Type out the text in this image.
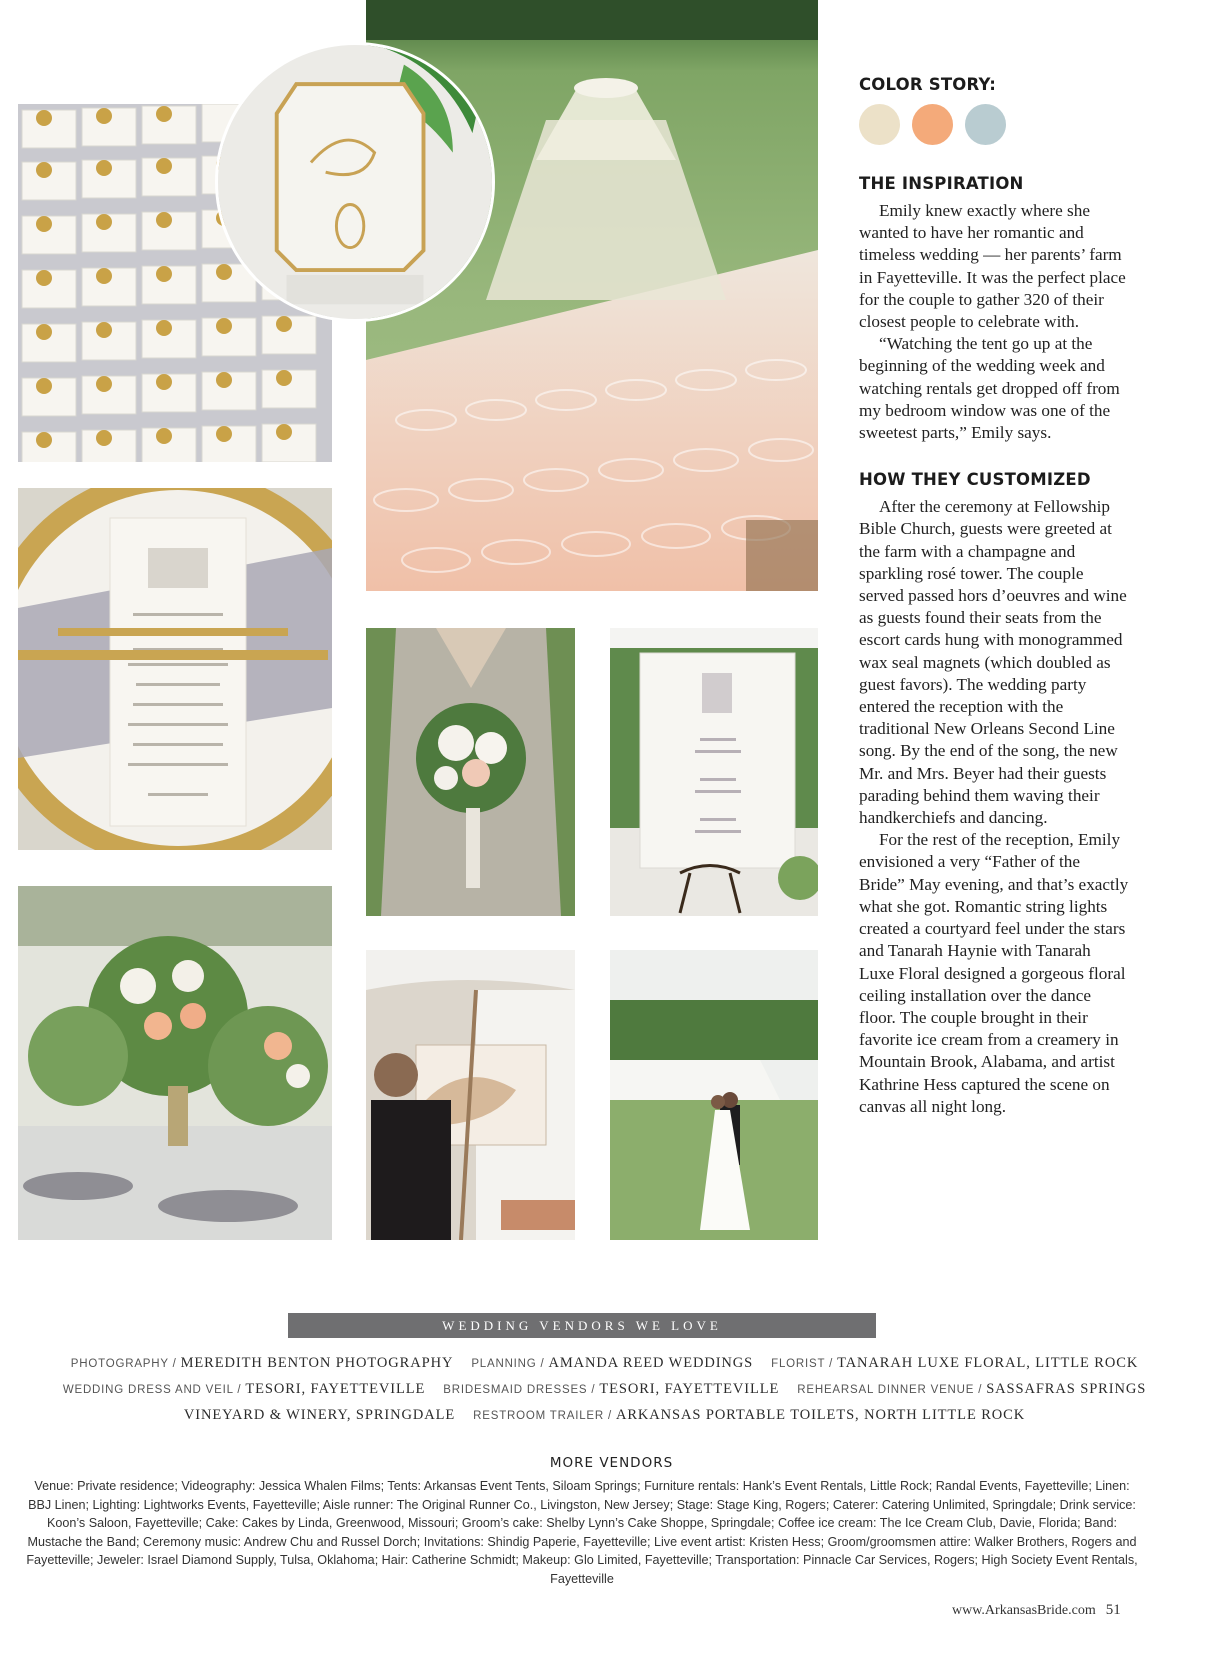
COLOR STORY:
THE INSPIRATION

Emily knew exactly where she wanted to have her romantic and timeless wedding — her parents’ farm in Fayetteville. It was the perfect place for the couple to gather 320 of their closest people to celebrate with.

“Watching the tent go up at the beginning of the wedding week and watching rentals get dropped off from my bedroom window was one of the sweetest parts,” Emily says.

HOW THEY CUSTOMIZED

After the ceremony at Fellowship Bible Church, guests were greeted at the farm with a champagne and sparkling rosé tower. The couple served passed hors d’oeuvres and wine as guests found their seats from the escort cards hung with monogrammed wax seal magnets (which doubled as guest favors). The wedding party entered the reception with the traditional New Orleans Second Line song. By the end of the song, the new Mr. and Mrs. Beyer had their guests parading behind them waving their handkerchiefs and dancing.

For the rest of the reception, Emily envisioned a very “Father of the Bride” May evening, and that’s exactly what she got. Romantic string lights created a courtyard feel under the stars and Tanarah Haynie with Tanarah Luxe Floral designed a gorgeous floral ceiling installation over the dance floor. The couple brought in their favorite ice cream from a creamery in Mountain Brook, Alabama, and artist Kathrine Hess captured the scene on canvas all night long.

WEDDING VENDORS WE LOVE
PHOTOGRAPHY / MEREDITH BENTON PHOTOGRAPHY PLANNING / AMANDA REED WEDDINGS FLORIST / TANARAH LUXE FLORAL, LITTLE ROCK
WEDDING DRESS AND VEIL / TESORI, FAYETTEVILLE BRIDESMAID DRESSES / TESORI, FAYETTEVILLE REHEARSAL DINNER VENUE / SASSAFRAS SPRINGS
VINEYARD & WINERY, SPRINGDALE RESTROOM TRAILER / ARKANSAS PORTABLE TOILETS, NORTH LITTLE ROCK
MORE VENDORS
Venue: Private residence; Videography: Jessica Whalen Films; Tents: Arkansas Event Tents, Siloam Springs; Furniture rentals: Hank’s Event Rentals, Little Rock; Randal Events, Fayetteville; Linen: BBJ Linen; Lighting: Lightworks Events, Fayetteville; Aisle runner: The Original Runner Co., Livingston, New Jersey; Stage: Stage King, Rogers; Caterer: Catering Unlimited, Springdale; Drink service: Koon’s Saloon, Fayetteville; Cake: Cakes by Linda, Greenwood, Missouri; Groom’s cake: Shelby Lynn’s Cake Shoppe, Springdale; Coffee ice cream: The Ice Cream Club, Davie, Florida; Band: Mustache the Band; Ceremony music: Andrew Chu and Russel Dorch; Invitations: Shindig Paperie, Fayetteville; Live event artist: Kristen Hess; Groom/groomsmen attire: Walker Brothers, Rogers and Fayetteville; Jeweler: Israel Diamond Supply, Tulsa, Oklahoma; Hair: Catherine Schmidt; Makeup: Glo Limited, Fayetteville; Transportation: Pinnacle Car Services, Rogers; High Society Event Rentals, Fayetteville
www.ArkansasBride.com 51
